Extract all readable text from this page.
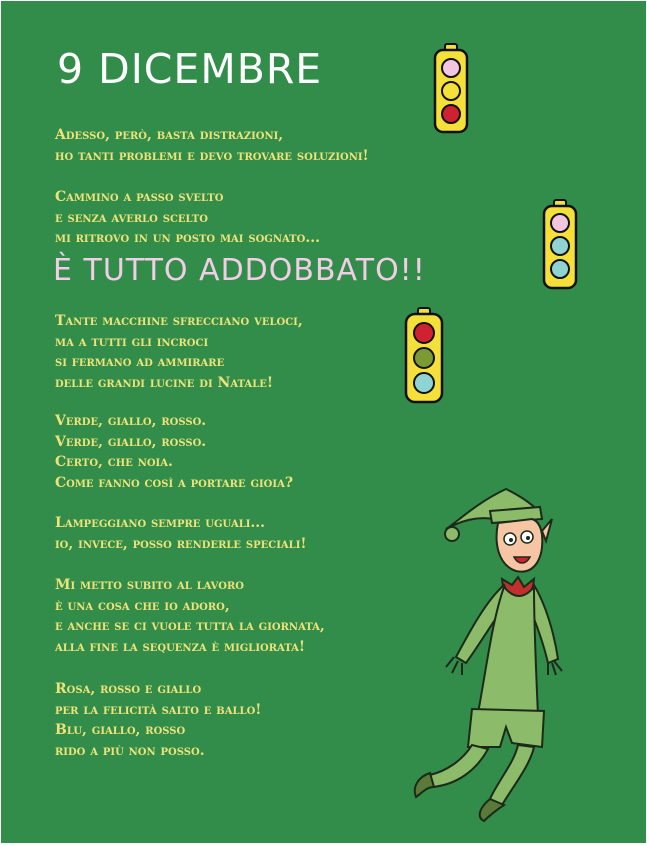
9 DICEMBRE
È TUTTO ADDOBBATO!!
Adesso, però, basta distrazioni,
ho tanti problemi e devo trovare soluzioni!
Cammino a passo svelto
e senza averlo scelto
mi ritrovo in un posto mai sognato...
Tante macchine sfrecciano veloci,
ma a tutti gli incroci
si fermano ad ammirare
delle grandi lucine di Natale!
Verde, giallo, rosso.
Verde, giallo, rosso.
Certo, che noia.
Come fanno così a portare gioia?
Lampeggiano sempre uguali...
io, invece, posso renderle speciali!
Mi metto subito al lavoro
è una cosa che io adoro,
e anche se ci vuole tutta la giornata,
alla fine la sequenza è migliorata!
Rosa, rosso e giallo
per la felicità salto e ballo!
Blu, giallo, rosso
rido a più non posso.
